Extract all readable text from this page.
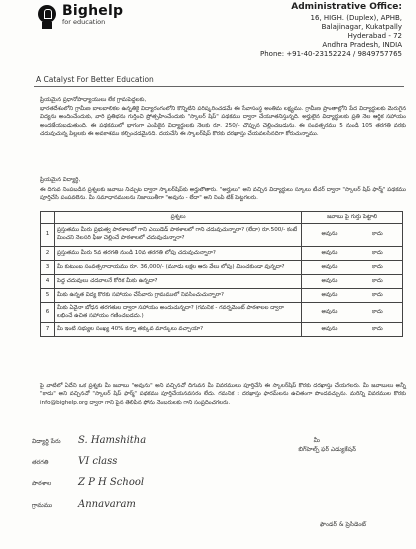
Bighelp
for education
A Catalyst For Better Education
Administrative Office:
16, HIGH. (Duplex), APHB,
Balajinagar, Kukatpally
Hyderabad - 72
Andhra Pradesh, INDIA
Phone: +91-40-23152224 / 9849757765
ప్రియమైన ప్రధానోపాధ్యాయులు లేక గ్రామపెద్దలకు,
భారతదేశంలోని గ్రామీణ బాలబాలికల ఉన్నతికై విద్యారంగంలోని కొన్నిటిని పరిష్కరించడమే ఈ సేవాసంస్థ అంతిమ లక్ష్యము. గ్రామీణ ప్రాంతాల్లోని పేద విద్యార్థులకు మెరుగైన విద్యను అందించేందుకు, వారి ప్రతిభను గుర్తించి ప్రోత్సహించేందుకు "స్కాలర్ షిప్" పథకము ద్వారా చేయూతనిస్తున్నది. అర్హులైన విద్యార్థులకు ప్రతి నెల ఆర్థిక సహాయం అందజేయబడుతుంది. ఈ పథకములో భాగంగా ఎంపికైన విద్యార్థులకు నెలకు రూ. 250/- చొప్పున చెల్లించబడును. ఈ సంవత్సరము 5 నుండి 105 తరగతి వరకు చదువుచున్న పిల్లలకు ఈ అవకాశము కల్పించడమైనది. దయచేసి ఈ స్కాలర్‌షిప్ కొరకు దరఖాస్తు చేయవలసినదిగా కోరుచున్నాము.
ప్రియమైన విద్యార్థి,
ఈ దిగువ నింపబడిన ప్రశ్నలకు జవాబు నిచ్చుట ద్వారా స్కాలర్‌షిప్‌కు అర్హులౌతారు. "అర్హులు" అని వచ్చిన విద్యార్థులు స్కూలు టీచర్ ద్వారా "స్కాలర్ షిప్ ఫార్మ్" పథకము పూర్తిచేసి పంపవలెను. మీ సమాధానములను నిజాయితీగా "అవును - లేదా" అని నింపి టిక్ పెట్టగలరు.
	ప్రశ్నలు	జవాబు పై గుర్తు పెట్టాలి
1	ప్రస్తుతము మీరు ప్రభుత్వ పాఠశాలలో గాని ఎయిడెడ్ పాఠశాలలో గాని చదువుచున్నారా? (లేదా) రూ.500/- కంటే మించని నెలసరి ఫీజు చెల్లించే పాఠశాలలో చదువుచున్నారా?	అవును కాదు

2	ప్రస్తుతము మీరు 5వ తరగతి నుండి 10వ తరగతి లోపు చదువుచున్నారా?	అవును కాదు

3	మీ కుటుంబ సంవత్సరాదాయము రూ. 36,000/- (మూడు లక్షల ఆరు వేలు లోపు) మించకుండా వున్నదా?	అవును కాదు

4	పెద్ద చదువులు చదవాలనే కోరిక మీకు ఉన్నదా?	అవును కాదు

5	మీకు ఉన్నత విద్య కొరకు సహాయం చేసేవారు గ్రామములో నివసించుచున్నారా?	అవును కాదు

6	మీకు ఏవైనా బోధన తరగతుల ద్వారా సహాయం అందుచున్నదా? (గమనిక - గవర్నమెంట్ పాఠశాలల ద్వారా లభించే ఉచిత సహాయం గణించబడదు.)	అవును కాదు

7	మీ ఇంటి సభ్యుల సంఖ్య 40% కన్నా తక్కువ మార్కులు వచ్చాయా?	అవును కాదు
పై వాటిలో ఏదేని ఒక ప్రశ్నకు మీ జవాబు "అవును" అని వచ్చినచో దిగువన మీ వివరములు పూర్తిచేసి ఈ స్కాలర్‌షిప్ కొరకు దరఖాస్తు చేయగలరు. మీ జవాబులు అన్నీ "కాదు" అని వచ్చినచో "స్కాలర్ షిప్ ఫార్మ్" పథకము పూర్తిచేయనవసరం లేదు. గమనిక : దరఖాస్తు ఫారమ్‌లను ఉచితంగా పొందవచ్చును. మరిన్ని వివరముల కొరకు info@bighelp.org ద్వారా గాని పైన తెలిపిన ఫోను నెంబరులకు గాని సంప్రదించగలరు.
విద్యార్థి పేరు	S. Hamshitha
తరగతి	VI class
పాఠశాల	Z P H School
గ్రామము	Annavaram
మీ
బిగ్‌హెల్ప్ ఫర్ ఎడ్యుకేషన్
ఫౌండర్ & ప్రెసిడెంట్
